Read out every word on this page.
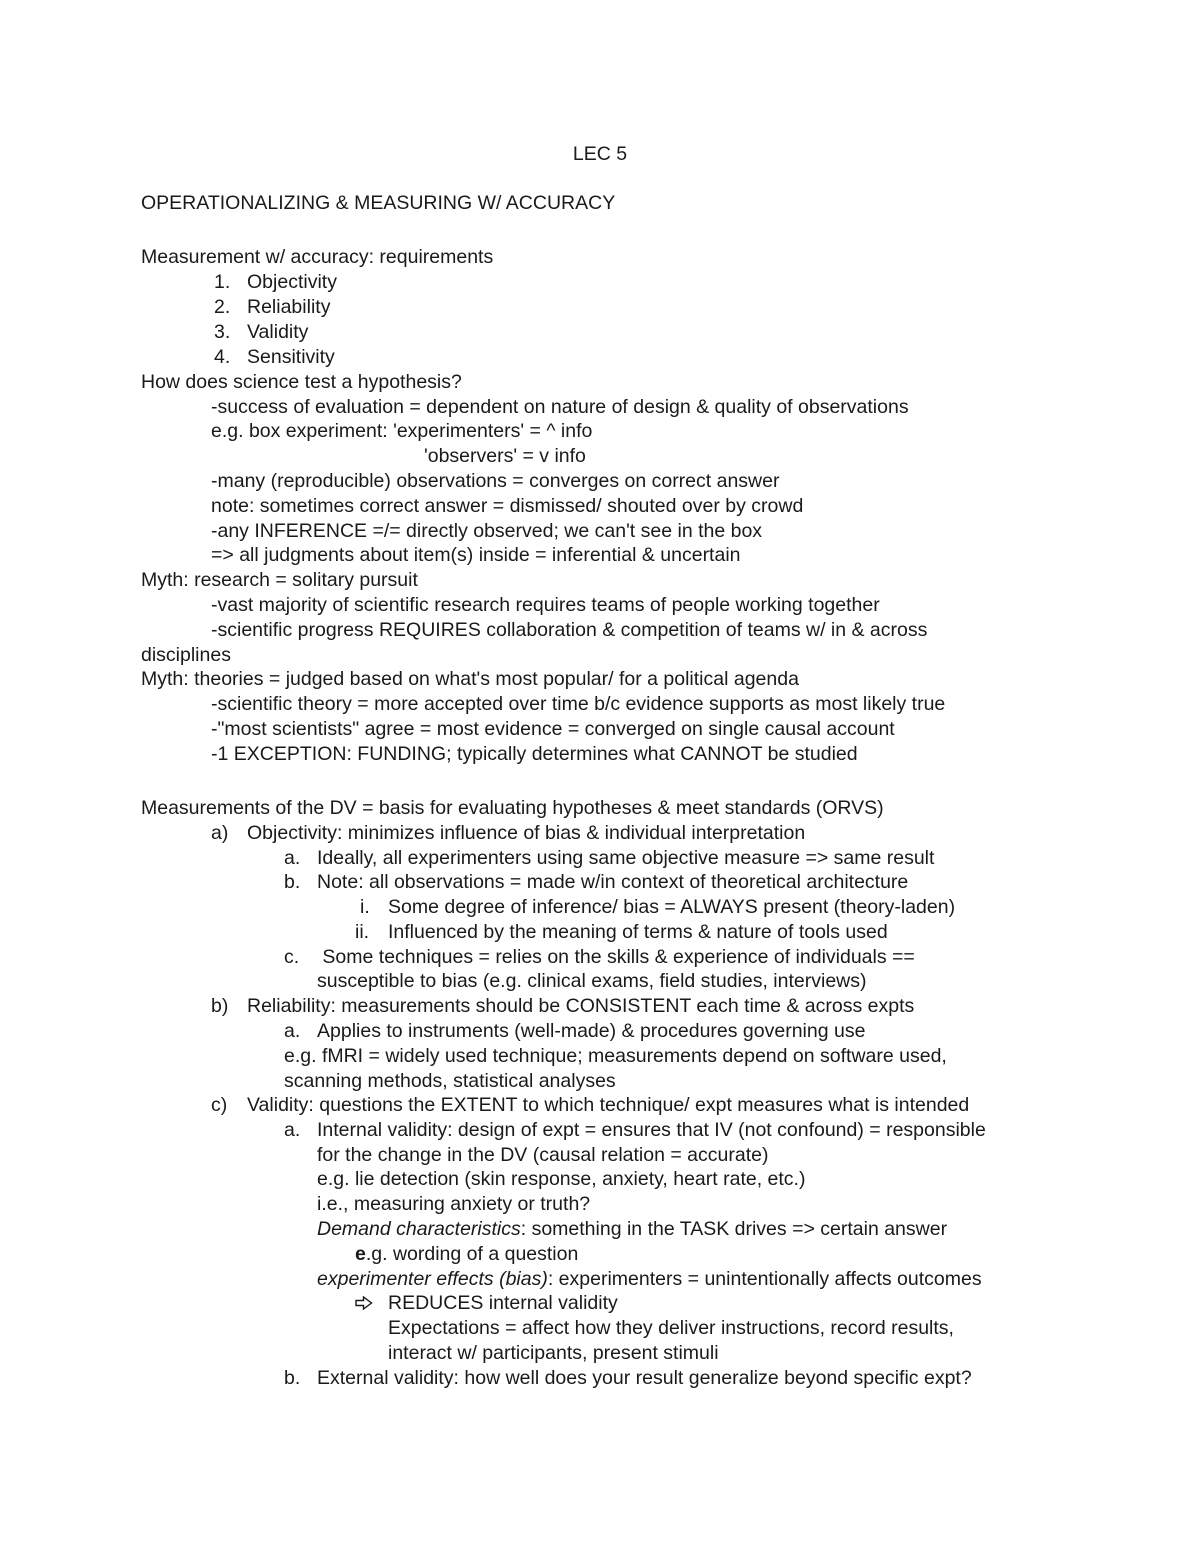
LEC 5
OPERATIONALIZING & MEASURING W/ ACCURACY
Measurement w/ accuracy: requirements
1. Objectivity
2. Reliability
3. Validity
4. Sensitivity
How does science test a hypothesis?
-success of evaluation = dependent on nature of design & quality of observations
e.g. box experiment: 'experimenters' = ^ info
'observers' = v info
-many (reproducible) observations = converges on correct answer
note: sometimes correct answer = dismissed/ shouted over by crowd
-any INFERENCE =/= directly observed; we can't see in the box
=> all judgments about item(s) inside = inferential & uncertain
Myth: research = solitary pursuit
-vast majority of scientific research requires teams of people working together
-scientific progress REQUIRES collaboration & competition of teams w/ in & across
disciplines
Myth: theories = judged based on what's most popular/ for a political agenda
-scientific theory = more accepted over time b/c evidence supports as most likely true
-"most scientists" agree = most evidence = converged on single causal account
-1 EXCEPTION: FUNDING; typically determines what CANNOT be studied
Measurements of the DV = basis for evaluating hypotheses & meet standards (ORVS)
a) Objectivity: minimizes influence of bias & individual interpretation
a. Ideally, all experimenters using same objective measure => same result
b. Note: all observations = made w/in context of theoretical architecture
i. Some degree of inference/ bias = ALWAYS present (theory-laden)
ii. Influenced by the meaning of terms & nature of tools used
c. Some techniques = relies on the skills & experience of individuals ==
susceptible to bias (e.g. clinical exams, field studies, interviews)
b) Reliability: measurements should be CONSISTENT each time & across expts
a. Applies to instruments (well-made) & procedures governing use
e.g. fMRI = widely used technique; measurements depend on software used,
scanning methods, statistical analyses
c) Validity: questions the EXTENT to which technique/ expt measures what is intended
a. Internal validity: design of expt = ensures that IV (not confound) = responsible
for the change in the DV (causal relation = accurate)
e.g. lie detection (skin response, anxiety, heart rate, etc.)
i.e., measuring anxiety or truth?
Demand characteristics: something in the TASK drives => certain answer
e.g. wording of a question
experimenter effects (bias): experimenters = unintentionally affects outcomes
REDUCES internal validity
Expectations = affect how they deliver instructions, record results,
interact w/ participants, present stimuli
b. External validity: how well does your result generalize beyond specific expt?
